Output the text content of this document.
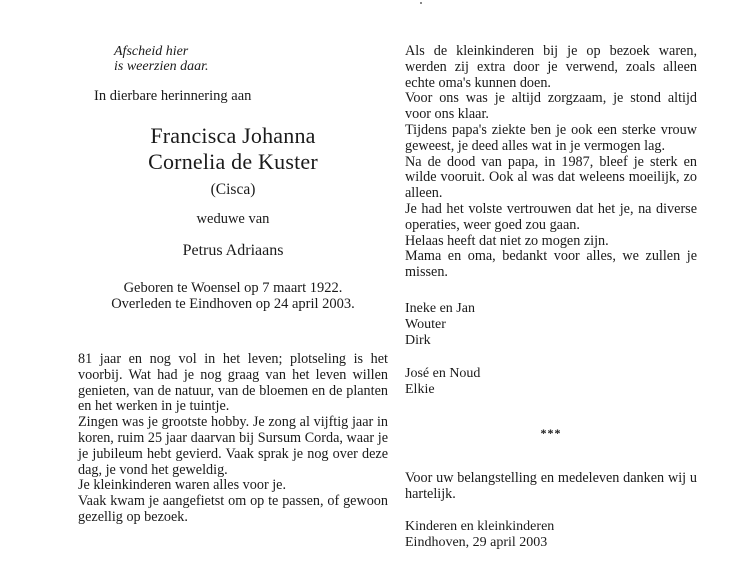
Afscheid hier
is weerzien daar.
In dierbare herinnering aan
Francisca Johanna
Cornelia de Kuster
(Cisca)
weduwe van
Petrus Adriaans
Geboren te Woensel op 7 maart 1922.
Overleden te Eindhoven op 24 april 2003.

81 jaar en nog vol in het leven; plotseling is het voorbij. Wat had je nog graag van het leven willen genieten, van de natuur, van de bloemen en de planten en het werken in je tuintje.

Zingen was je grootste hobby. Je zong al vijftig jaar in koren, ruim 25 jaar daarvan bij Sursum Corda, waar je je jubileum hebt gevierd. Vaak sprak je nog over deze dag, je vond het geweldig.

Je kleinkinderen waren alles voor je.

Vaak kwam je aangefietst om op te passen, of gewoon gezellig op bezoek.

Als de kleinkinderen bij je op bezoek waren, werden zij extra door je verwend, zoals alleen echte oma's kunnen doen.

Voor ons was je altijd zorgzaam, je stond altijd voor ons klaar.

Tijdens papa's ziekte ben je ook een sterke vrouw geweest, je deed alles wat in je vermogen lag.

Na de dood van papa, in 1987, bleef je sterk en wilde vooruit. Ook al was dat weleens moeilijk, zo alleen.

Je had het volste vertrouwen dat het je, na diverse operaties, weer goed zou gaan.

Helaas heeft dat niet zo mogen zijn.

Mama en oma, bedankt voor alles, we zullen je missen.

Ineke en Jan
Wouter
Dirk
José en Noud
Elkie
***

Voor uw belangstelling en medeleven danken wij u hartelijk.

Kinderen en kleinkinderen
Eindhoven, 29 april 2003
